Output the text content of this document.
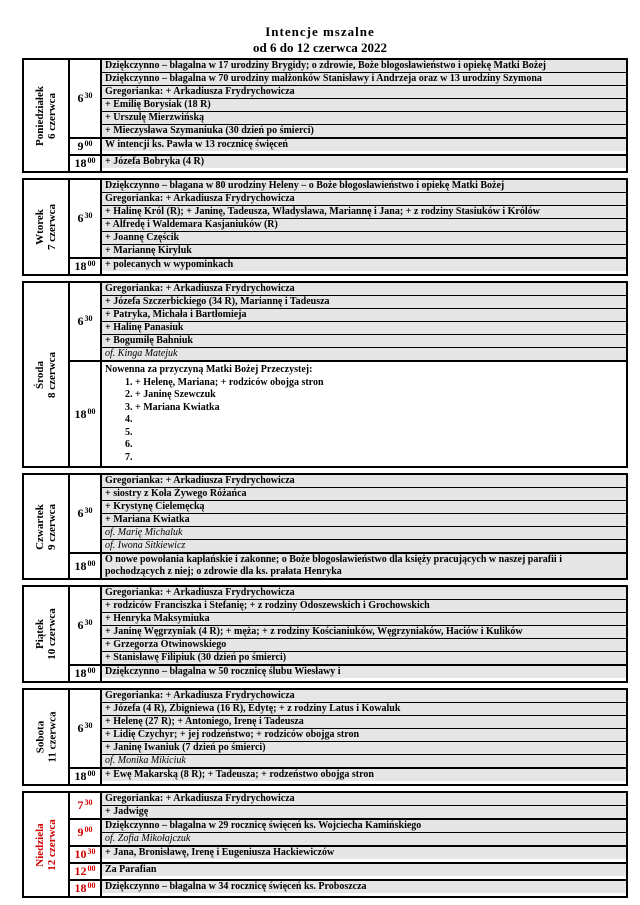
Intencje mszalne
od 6 do 12 czerwca 2022
Poniedziałek 6 czerwca $6^{30}$
Dziękczynno – błagalna w 17 urodziny Brygidy; o zdrowie, Boże błogosławieństwo i opiekę Matki Bożej
Dziękczynno – błagalna w 70 urodziny małżonków Stanisławy i Andrzeja oraz w 13 urodziny Szymona
Gregorianka: + Arkadiusza Frydrychowicza
+ Emilię Borysiak (18 R)
+ Urszulę Mierzwińską
+ Mieczysława Szymaniuka (30 dzień po śmierci)
$9^{00}$	W intencji ks. Pawła w 13 rocznicę święceń
$18^{00}$ + Józefa Bobryka (4 R)
Wtorek 7 czerwca $6^{30}$
Dziękczynno – błagana w 80 urodziny Heleny – o Boże błogosławieństwo i opiekę Matki Bożej
Gregorianka: + Arkadiusza Frydrychowicza
+ Halinę Król (R); + Janinę, Tadeusza, Władysława, Mariannę i Jana; + z rodziny Stasiuków i Królów
+ Alfredę i Waldemara Kasjaniuków (R)
+ Joannę Częścik
+ Mariannę Kiryluk
$18^{00}$ + polecanych w wypominkach
Środa 8 czerwca
$6^{30}$
Gregorianka: + Arkadiusza Frydrychowicza
+ Józefa Szczerbickiego (34 R), Mariannę i Tadeusza
+ Patryka, Michała i Bartłomieja
+ Halinę Panasiuk
+ Bogumiłę Bahniuk
of. Kinga Matejuk
$18^{00}$
Nowenna za przyczyną Matki Bożej Przeczystej:
1. + Helenę, Mariana; + rodziców obojga stron
2. + Janinę Szewczuk
3. + Mariana Kwiatka
4.
5.
6.
7.
Czwartek 9 czerwca $6^{30}$
Gregorianka: + Arkadiusza Frydrychowicza
+ siostry z Koła Żywego Różańca
+ Krystynę Cielemęcką
+ Mariana Kwiatka
of. Marię Michaluk
of. Iwona Sitkiewicz
$18^{00}$ O nowe powołania kapłańskie i zakonne; o Boże błogosławieństwo dla księży pracujących w naszej parafii i pochodzących z niej; o zdrowie dla ks. prałata Henryka
Piątek 10 czerwca $6^{30}$
Gregorianka: + Arkadiusza Frydrychowicza
+ rodziców Franciszka i Stefanię; + z rodziny Odoszewskich i Grochowskich
+ Henryka Maksymiuka
+ Janinę Węgrzyniak (4 R); + męża; + z rodziny Kościaniuków, Węgrzyniaków, Haciów i Kulików
+ Grzegorza Otwinowskiego
+ Stanisławę Filipiuk (30 dzień po śmierci)
$18^{00}$ Dziękczynno – błagalna w 50 rocznicę ślubu Wiesławy i
Sobota 11 czerwca $6^{30}$
Gregorianka: + Arkadiusza Frydrychowicza
+ Józefa (4 R), Zbigniewa (16 R), Edytę; + z rodziny Latus i Kowaluk
+ Helenę (27 R); + Antoniego, Irenę i Tadeusza
+ Lidię Czychyr; + jej rodzeństwo; + rodziców obojga stron
+ Janinę Iwaniuk (7 dzień po śmierci)
of. Monika Mikiciuk
$18^{00}$ + Ewę Makarską (8 R); + Tadeusza; + rodzeństwo obojga stron
Niedziela 12 czerwca
$7^{30}$	Gregorianka: + Arkadiusza Frydrychowicza
+ Jadwigę
$9^{00}$	Dziękczynno – błagalna w 29 rocznicę święceń ks. Wojciecha Kamińskiego
of. Zofia Mikołajczuk
$10^{30}$ + Jana, Bronisławę, Irenę i Eugeniusza Hackiewiczów
$12^{00}$ Za Parafian
$18^{00}$ Dziękczynno – błagalna w 34 rocznicę święceń ks. Proboszcza
